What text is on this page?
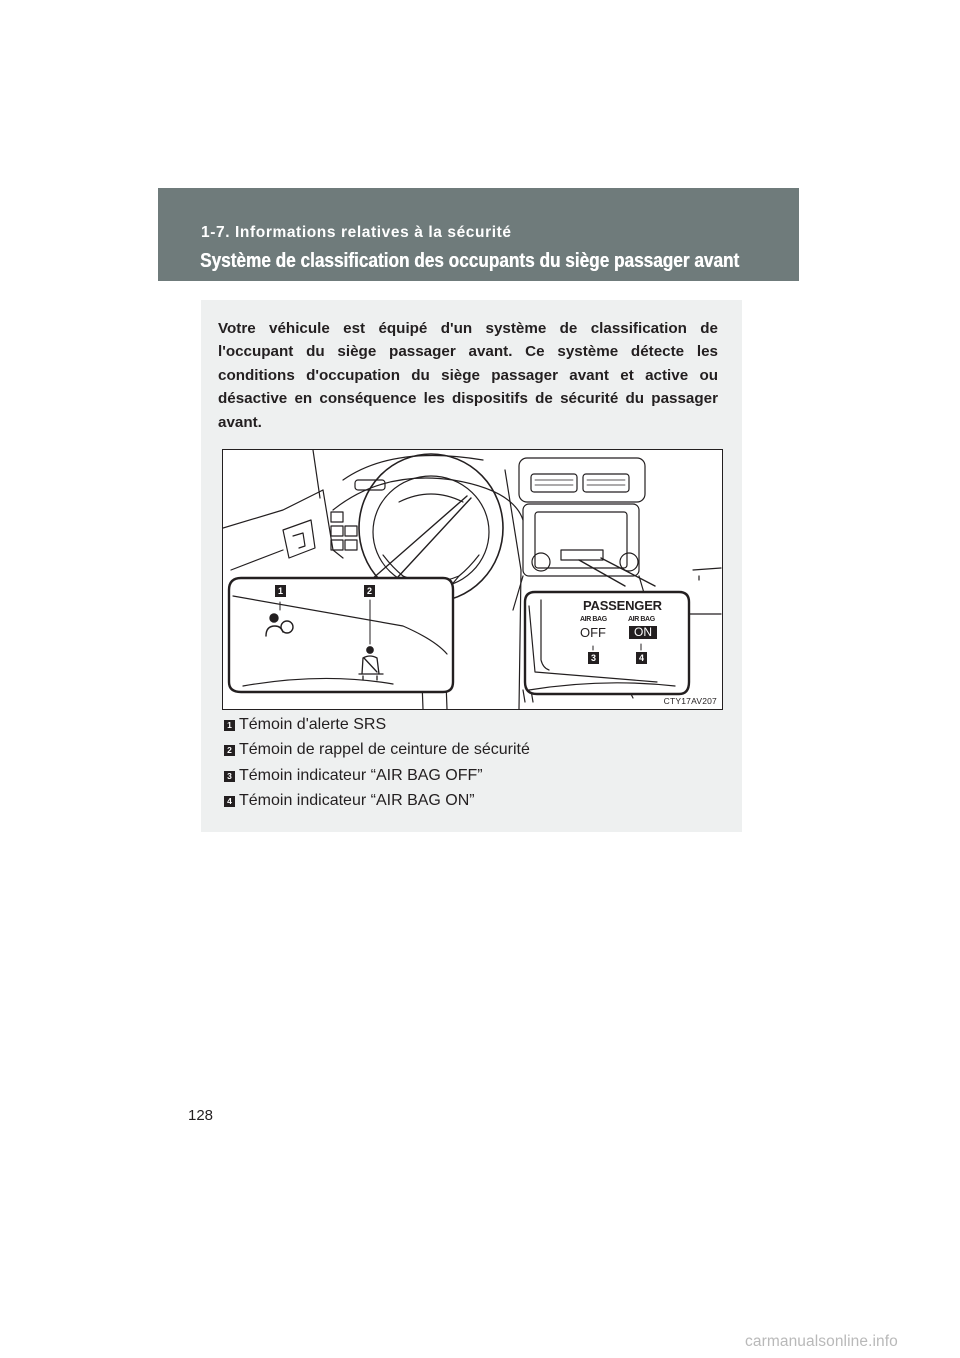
1-7. Informations relatives à la sécurité
Système de classification des occupants du siège passager avant

Votre véhicule est équipé d'un système de classification de l'occupant du siège passager avant. Ce système détecte les conditions d'occupation du siège passager avant et active ou désactive en conséquence les dispositifs de sécurité du passager avant.

1	2
3	4
PASSENGER
AIR BAG	AIR BAG
OFF	ON
CTY17AV207
1 Témoin d'alerte SRS
2 Témoin de rappel de ceinture de sécurité
3 Témoin indicateur “AIR BAG OFF”
4 Témoin indicateur “AIR BAG ON”
128
carmanualsonline.info
